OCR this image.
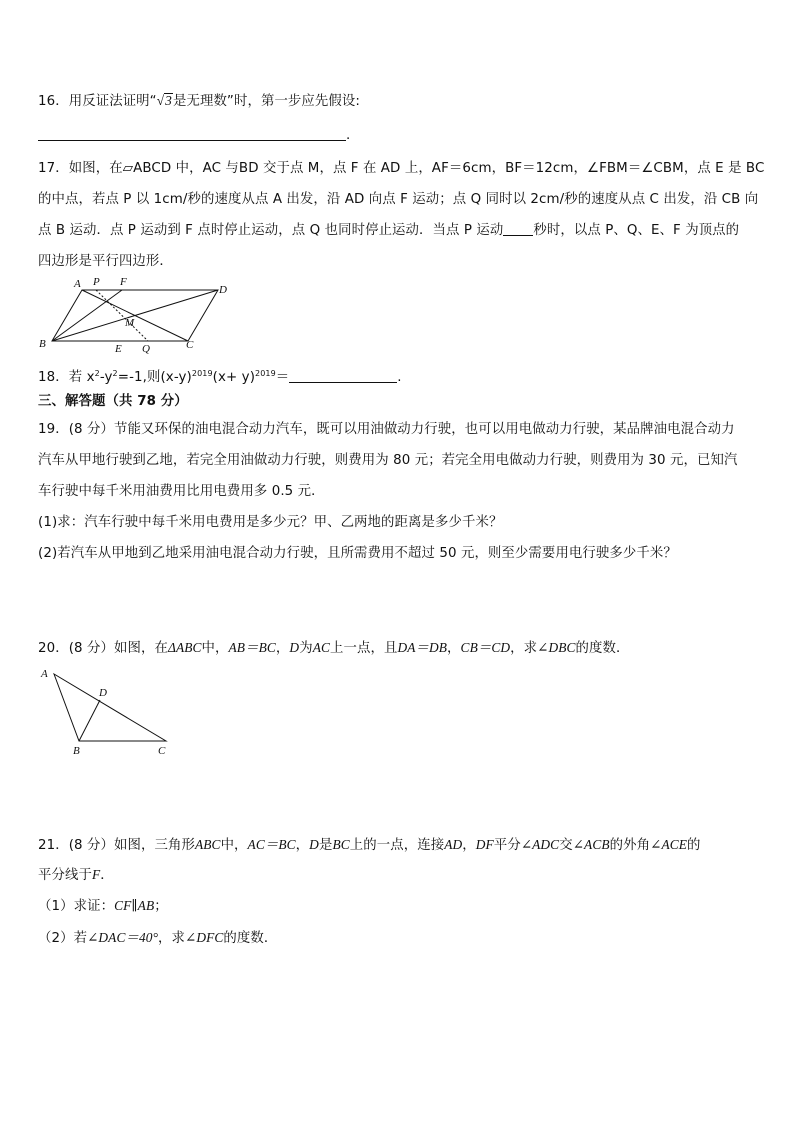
16．用反证法证明“√3是无理数”时，第一步应先假设:
.
17．如图，在▱ABCD 中，AC 与BD 交于点 M，点 F 在 AD 上，AF＝6cm，BF＝12cm，∠FBM＝∠CBM，点 E 是 BC
的中点，若点 P 以 1cm/秒的速度从点 A 出发，沿 AD 向点 F 运动；点 Q 同时以 2cm/秒的速度从点 C 出发，沿 CB 向
点 B 运动．点 P 运动到 F 点时停止运动，点 Q 也同时停止运动．当点 P 运动 秒时，以点 P、Q、E、F 为顶点的
四边形是平行四边形．
A P F
D
M
B	E Q	C
18．若 $x^2-y^2=-1$,则$(x-y)^{2019}(x+ y)^{2019}=$	.
三、解答题（共 78 分）
19．(8 分）节能又环保的油电混合动力汽车，既可以用油做动力行驶，也可以用电做动力行驶，某品牌油电混合动力
汽车从甲地行驶到乙地，若完全用油做动力行驶，则费用为 80 元；若完全用电做动力行驶，则费用为 30 元，已知汽
车行驶中每千米用油费用比用电费用多 0.5 元．
(1)求：汽车行驶中每千米用电费用是多少元？甲、乙两地的距离是多少千米？
(2)若汽车从甲地到乙地采用油电混合动力行驶，且所需费用不超过 50 元，则至少需要用电行驶多少千米？
20．(8 分）如图，在ΔABC中，AB＝BC，D为AC上一点，且DA＝DB，CB＝CD，求∠DBC的度数．
A
D
B	C
21．(8 分）如图，三角形ABC中，AC＝BC，D是BC上的一点，连接AD，DF平分∠ADC交∠ACB的外角∠ACE的
平分线于F．
（1）求证：CF∥AB；
（2）若∠DAC＝40°，求∠DFC的度数．
